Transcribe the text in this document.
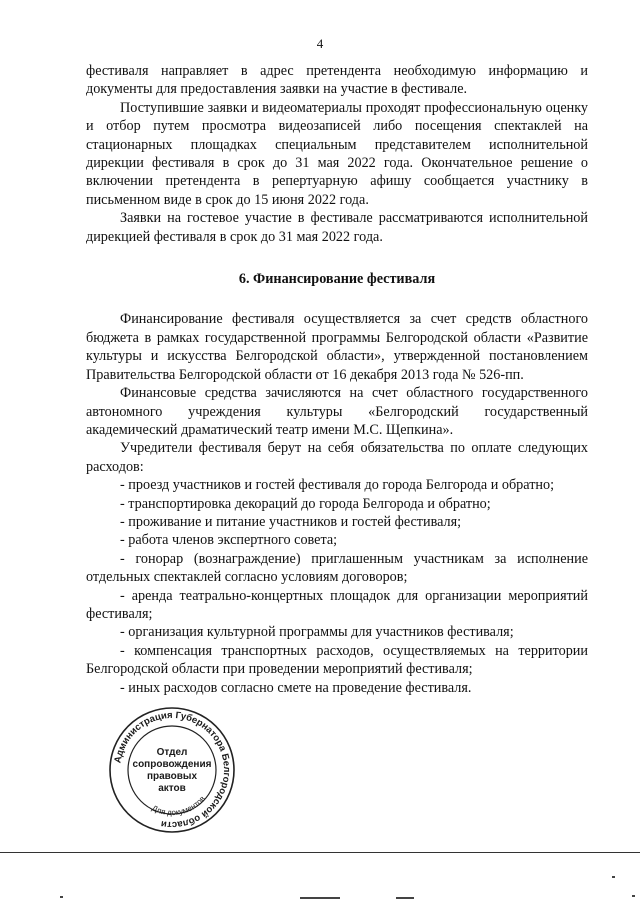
4

фестиваля направляет в адрес претендента необходимую информацию и документы для предоставления заявки на участие в фестивале.

Поступившие заявки и видеоматериалы проходят профессиональную оценку и отбор путем просмотра видеозаписей либо посещения спектаклей на стационарных площадках специальным представителем исполнительной дирекции фестиваля в срок до 31 мая 2022 года. Окончательное решение о включении претендента в репертуарную афишу сообщается участнику в письменном виде в срок до 15 июня 2022 года.

Заявки на гостевое участие в фестивале рассматриваются исполнительной дирекцией фестиваля в срок до 31 мая 2022 года.

6. Финансирование фестиваля

Финансирование фестиваля осуществляется за счет средств областного бюджета в рамках государственной программы Белгородской области «Развитие культуры и искусства Белгородской области», утвержденной постановлением Правительства Белгородской области от 16 декабря 2013 года № 526-пп.

Финансовые средства зачисляются на счет областного государственного автономного учреждения культуры «Белгородский государственный академический драматический театр имени М.С. Щепкина».

Учредители фестиваля берут на себя обязательства по оплате следующих расходов:

- проезд участников и гостей фестиваля до города Белгорода и обратно;

- транспортировка декораций до города Белгорода и обратно;

- проживание и питание участников и гостей фестиваля;

- работа членов экспертного совета;

- гонорар (вознаграждение) приглашенным участникам за исполнение отдельных спектаклей согласно условиям договоров;

- аренда театрально-концертных площадок для организации мероприятий фестиваля;

- организация культурной программы для участников фестиваля;

- компенсация транспортных расходов, осуществляемых на территории Белгородской области при проведении мероприятий фестиваля;

- иных расходов согласно смете на проведение фестиваля.

Администрация Губернатора Белгородской области
Для документов
Отдел
сопровождения
правовых
актов
